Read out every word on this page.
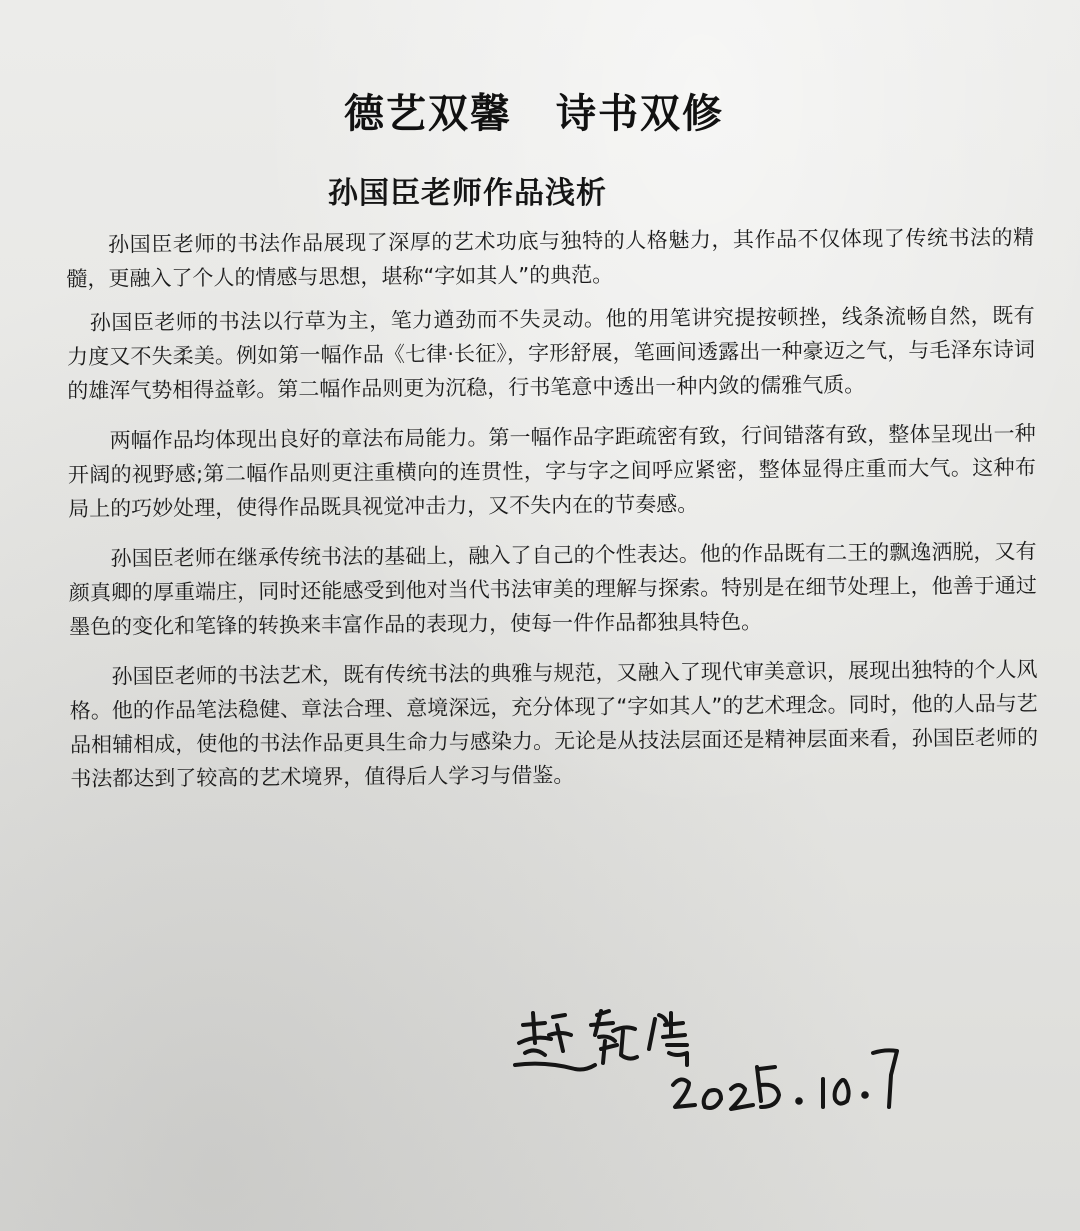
德艺双馨 诗书双修
孙国臣老师作品浅析

孙国臣老师的书法作品展现了深厚的艺术功底与独特的人格魅力，其作品不仅体现了传统书法的精髓，更融入了个人的情感与思想，堪称“字如其人”的典范。

孙国臣老师的书法以行草为主，笔力遒劲而不失灵动。他的用笔讲究提按顿挫，线条流畅自然，既有力度又不失柔美。例如第一幅作品《七律·长征》，字形舒展，笔画间透露出一种豪迈之气，与毛泽东诗词的雄浑气势相得益彰。第二幅作品则更为沉稳，行书笔意中透出一种内敛的儒雅气质。

两幅作品均体现出良好的章法布局能力。第一幅作品字距疏密有致，行间错落有致，整体呈现出一种开阔的视野感;第二幅作品则更注重横向的连贯性，字与字之间呼应紧密，整体显得庄重而大气。这种布局上的巧妙处理，使得作品既具视觉冲击力，又不失内在的节奏感。

孙国臣老师在继承传统书法的基础上，融入了自己的个性表达。他的作品既有二王的飘逸洒脱，又有颜真卿的厚重端庄，同时还能感受到他对当代书法审美的理解与探索。特别是在细节处理上，他善于通过墨色的变化和笔锋的转换来丰富作品的表现力，使每一件作品都独具特色。

孙国臣老师的书法艺术，既有传统书法的典雅与规范，又融入了现代审美意识，展现出独特的个人风格。他的作品笔法稳健、章法合理、意境深远，充分体现了“字如其人”的艺术理念。同时，他的人品与艺品相辅相成，使他的书法作品更具生命力与感染力。无论是从技法层面还是精神层面来看，孙国臣老师的书法都达到了较高的艺术境界，值得后人学习与借鉴。
